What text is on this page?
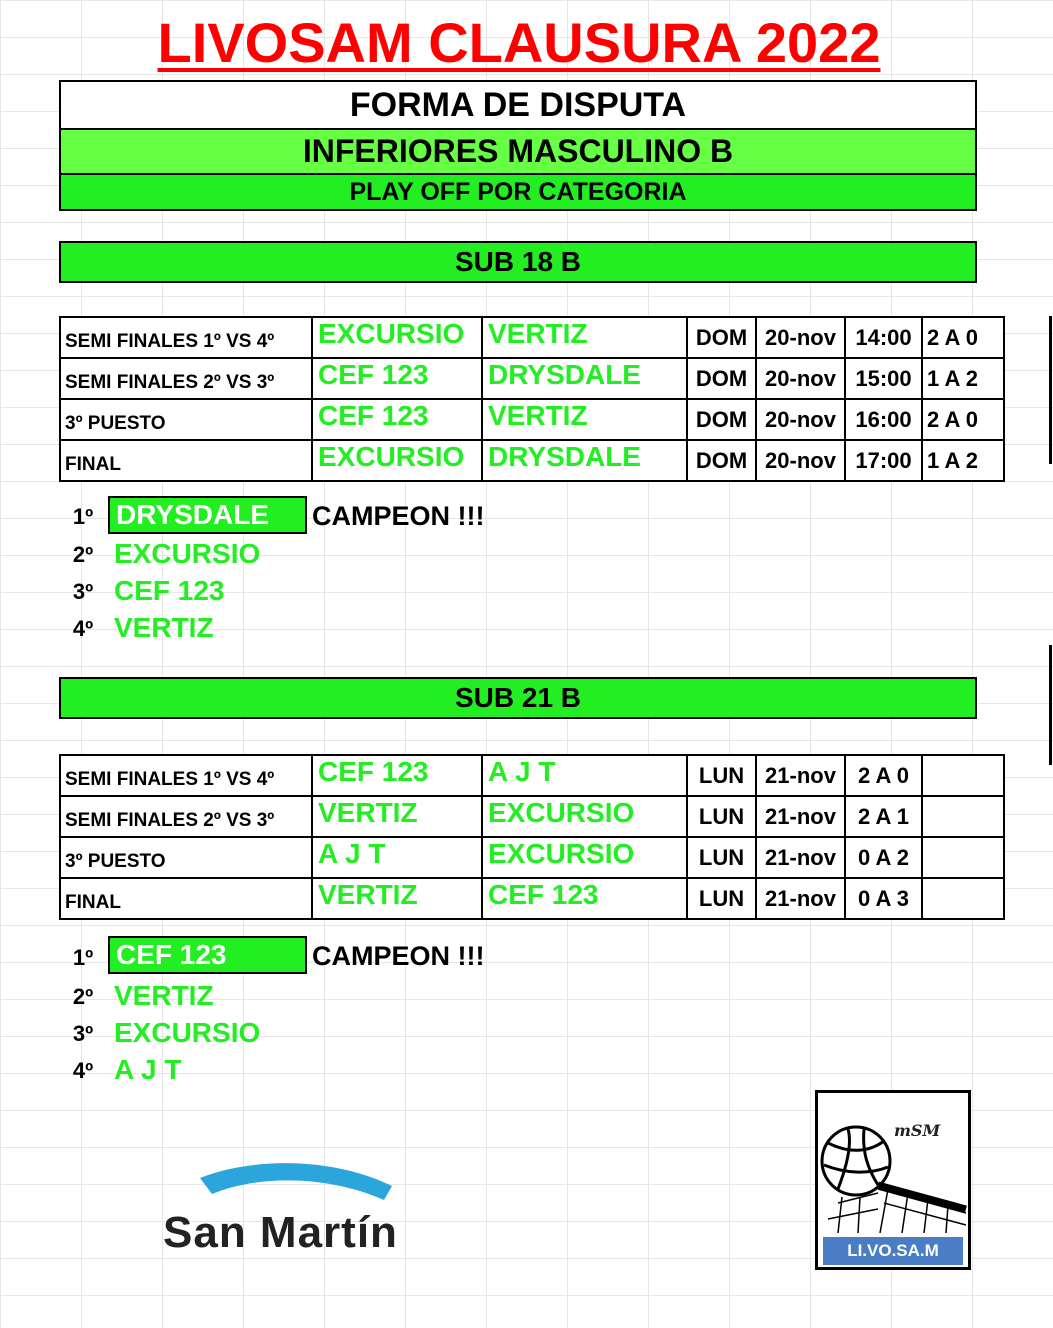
LIVOSAM CLAUSURA 2022
FORMA DE DISPUTA
INFERIORES MASCULINO B
PLAY OFF POR CATEGORIA
SUB 18 B
SEMI FINALES 1º VS 4º	EXCURSIO	VERTIZ	DOM	20-nov	14:00	2 A 0
SEMI FINALES 2º VS 3º	CEF 123	DRYSDALE	DOM	20-nov	15:00	1 A 2
3º PUESTO	CEF 123	VERTIZ	DOM	20-nov	16:00	2 A 0
FINAL	EXCURSIO	DRYSDALE	DOM	20-nov	17:00	1 A 2
1º DRYSDALE	CAMPEON !!!
2º EXCURSIO
3º CEF 123
4º VERTIZ
SUB 21 B
SEMI FINALES 1º VS 4º	CEF 123	A J T	LUN	21-nov	2 A 0	
SEMI FINALES 2º VS 3º	VERTIZ	EXCURSIO	LUN	21-nov	2 A 1	
3º PUESTO	A J T	EXCURSIO	LUN	21-nov	0 A 2	
FINAL	VERTIZ	CEF 123	LUN	21-nov	0 A 3	
1º CEF 123	CAMPEON !!!
2º VERTIZ
3º EXCURSIO
4º A J T
San Martín
mSM
LI.VO.SA.M
